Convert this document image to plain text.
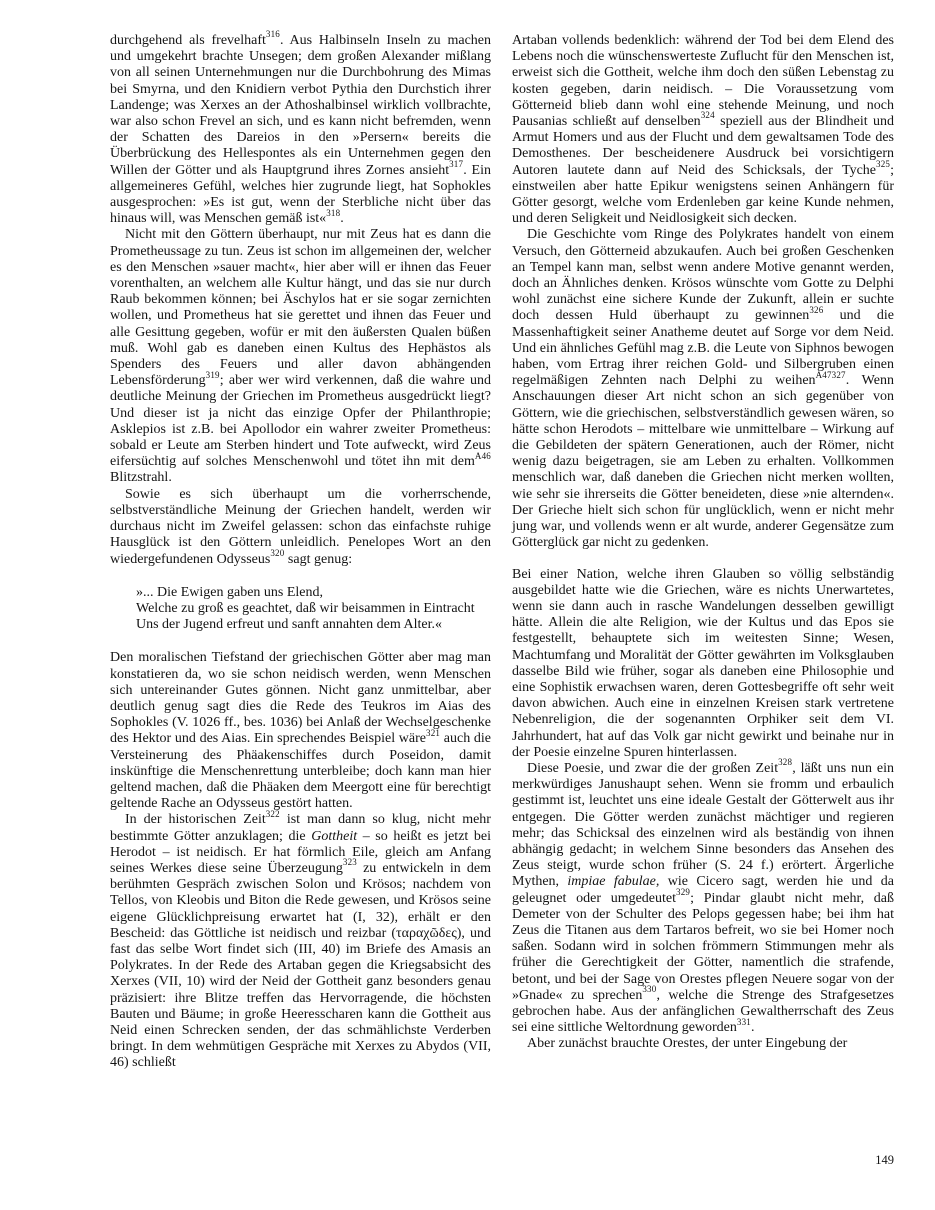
durchgehend als frevelhaft$^{316}$. Aus Halbinseln Inseln zu machen und umgekehrt brachte Unsegen; dem großen Alexander mißlang von all seinen Unternehmungen nur die Durchbohrung des Mimas bei Smyrna, und den Knidiern verbot Pythia den Durchstich ihrer Landenge; was Xerxes an der Athoshalbinsel wirklich vollbrachte, war also schon Frevel an sich, und es kann nicht befremden, wenn der Schatten des Dareios in den »Persern« bereits die Überbrückung des Hellespontes als ein Unternehmen gegen den Willen der Götter und als Hauptgrund ihres Zornes ansieht$^{317}$. Ein allgemeineres Gefühl, welches hier zugrunde liegt, hat Sophokles ausgesprochen: »Es ist gut, wenn der Sterbliche nicht über das hinaus will, was Menschen gemäß ist«$^{318}$.

Nicht mit den Göttern überhaupt, nur mit Zeus hat es dann die Prometheussage zu tun. Zeus ist schon im allgemeinen der, welcher es den Menschen »sauer macht«, hier aber will er ihnen das Feuer vorenthalten, an welchem alle Kultur hängt, und das sie nur durch Raub bekommen können; bei Äschylos hat er sie sogar zernichten wollen, und Prometheus hat sie gerettet und ihnen das Feuer und alle Gesittung gegeben, wofür er mit den äußersten Qualen büßen muß. Wohl gab es daneben einen Kultus des Hephästos als Spenders des Feuers und aller davon abhängenden Lebensförderung$^{319}$; aber wer wird verkennen, daß die wahre und deutliche Meinung der Griechen im Prometheus ausgedrückt liegt? Und dieser ist ja nicht das einzige Opfer der Philanthropie; Asklepios ist z.B. bei Apollodor ein wahrer zweiter Prometheus: sobald er Leute am Sterben hindert und Tote aufweckt, wird Zeus eifersüchtig auf solches Menschenwohl und tötet ihn mit dem$^{A46}$ Blitzstrahl.

Sowie es sich überhaupt um die vorherrschende, selbstverständliche Meinung der Griechen handelt, werden wir durchaus nicht im Zweifel gelassen: schon das einfachste ruhige Hausglück ist den Göttern unleidlich. Penelopes Wort an den wiedergefundenen Odysseus$^{320}$ sagt genug:

»... Die Ewigen gaben uns Elend,
Welche zu groß es geachtet, daß wir beisammen in Eintracht
Uns der Jugend erfreut und sanft annahten dem Alter.«

Den moralischen Tiefstand der griechischen Götter aber mag man konstatieren da, wo sie schon neidisch werden, wenn Menschen sich untereinander Gutes gönnen. Nicht ganz unmittelbar, aber deutlich genug sagt dies die Rede des Teukros im Aias des Sophokles (V. 1026 ff., bes. 1036) bei Anlaß der Wechselgeschenke des Hektor und des Aias. Ein sprechendes Beispiel wäre$^{321}$ auch die Versteinerung des Phäakenschiffes durch Poseidon, damit inskünftige die Menschenrettung unterbleibe; doch kann man hier geltend machen, daß die Phäaken dem Meergott eine für berechtigt geltende Rache an Odysseus gestört hatten.

In der historischen Zeit$^{322}$ ist man dann so klug, nicht mehr bestimmte Götter anzuklagen; die Gottheit – so heißt es jetzt bei Herodot – ist neidisch. Er hat förmlich Eile, gleich am Anfang seines Werkes diese seine Überzeugung$^{323}$ zu entwickeln in dem berühmten Gespräch zwischen Solon und Krösos; nachdem von Tellos, von Kleobis und Biton die Rede gewesen, und Krösos seine eigene Glücklichpreisung erwartet hat (I, 32), erhält er den Bescheid: das Göttliche ist neidisch und reizbar (ταραχῶδες), und fast das selbe Wort findet sich (III, 40) im Briefe des Amasis an Polykrates. In der Rede des Artaban gegen die Kriegsabsicht des Xerxes (VII, 10) wird der Neid der Gottheit ganz besonders genau präzisiert: ihre Blitze treffen das Hervorragende, die höchsten Bauten und Bäume; in große Heeresscharen kann die Gottheit aus Neid einen Schrecken senden, der das schmählichste Verderben bringt. In dem wehmütigen Gespräche mit Xerxes zu Abydos (VII, 46) schließt

Artaban vollends bedenklich: während der Tod bei dem Elend des Lebens noch die wünschenswerteste Zuflucht für den Menschen ist, erweist sich die Gottheit, welche ihm doch den süßen Lebenstag zu kosten gegeben, darin neidisch. – Die Voraussetzung vom Götterneid blieb dann wohl eine stehende Meinung, und noch Pausanias schließt auf denselben$^{324}$ speziell aus der Blindheit und Armut Homers und aus der Flucht und dem gewaltsamen Tode des Demosthenes. Der bescheidenere Ausdruck bei vorsichtigern Autoren lautete dann auf Neid des Schicksals, der Tyche$^{325}$; einstweilen aber hatte Epikur wenigstens seinen Anhängern für Götter gesorgt, welche vom Erdenleben gar keine Kunde nehmen, und deren Seligkeit und Neidlosigkeit sich decken.

Die Geschichte vom Ringe des Polykrates handelt von einem Versuch, den Götterneid abzukaufen. Auch bei großen Geschenken an Tempel kann man, selbst wenn andere Motive genannt werden, doch an Ähnliches denken. Krösos wünschte vom Gotte zu Delphi wohl zunächst eine sichere Kunde der Zukunft, allein er suchte doch dessen Huld überhaupt zu gewinnen$^{326}$ und die Massenhaftigkeit seiner Anatheme deutet auf Sorge vor dem Neid. Und ein ähnliches Gefühl mag z.B. die Leute von Siphnos bewogen haben, vom Ertrag ihrer reichen Gold- und Silbergruben einen regelmäßigen Zehnten nach Delphi zu weihen$^{A47327}$. Wenn Anschauungen dieser Art nicht schon an sich gegenüber von Göttern, wie die griechischen, selbstverständlich gewesen wären, so hätte schon Herodots – mittelbare wie unmittelbare – Wirkung auf die Gebildeten der spätern Generationen, auch der Römer, nicht wenig dazu beigetragen, sie am Leben zu erhalten. Vollkommen menschlich war, daß daneben die Griechen nicht merken wollten, wie sehr sie ihrerseits die Götter beneideten, diese »nie alternden«. Der Grieche hielt sich schon für unglücklich, wenn er nicht mehr jung war, und vollends wenn er alt wurde, anderer Gegensätze zum Götterglück gar nicht zu gedenken.

Bei einer Nation, welche ihren Glauben so völlig selbständig ausgebildet hatte wie die Griechen, wäre es nichts Unerwartetes, wenn sie dann auch in rasche Wandelungen desselben gewilligt hätte. Allein die alte Religion, wie der Kultus und das Epos sie festgestellt, behauptete sich im weitesten Sinne; Wesen, Machtumfang und Moralität der Götter gewährten im Volksglauben dasselbe Bild wie früher, sogar als daneben eine Philosophie und eine Sophistik erwachsen waren, deren Gottesbegriffe oft sehr weit davon abwichen. Auch eine in einzelnen Kreisen stark vertretene Nebenreligion, die der sogenannten Orphiker seit dem VI. Jahrhundert, hat auf das Volk gar nicht gewirkt und beinahe nur in der Poesie einzelne Spuren hinterlassen.

Diese Poesie, und zwar die der großen Zeit$^{328}$, läßt uns nun ein merkwürdiges Janushaupt sehen. Wenn sie fromm und erbaulich gestimmt ist, leuchtet uns eine ideale Gestalt der Götterwelt aus ihr entgegen. Die Götter werden zunächst mächtiger und regieren mehr; das Schicksal des einzelnen wird als beständig von ihnen abhängig gedacht; in welchem Sinne besonders das Ansehen des Zeus steigt, wurde schon früher (S. 24 f.) erörtert. Ärgerliche Mythen, impiae fabulae, wie Cicero sagt, werden hie und da geleugnet oder umgedeutet$^{329}$; Pindar glaubt nicht mehr, daß Demeter von der Schulter des Pelops gegessen habe; bei ihm hat Zeus die Titanen aus dem Tartaros befreit, wo sie bei Homer noch saßen. Sodann wird in solchen frömmern Stimmungen mehr als früher die Gerechtigkeit der Götter, namentlich die strafende, betont, und bei der Sage von Orestes pflegen Neuere sogar von der »Gnade« zu sprechen$^{330}$, welche die Strenge des Strafgesetzes gebrochen habe. Aus der anfänglichen Gewaltherrschaft des Zeus sei eine sittliche Weltordnung geworden$^{331}$.

Aber zunächst brauchte Orestes, der unter Eingebung der

149
